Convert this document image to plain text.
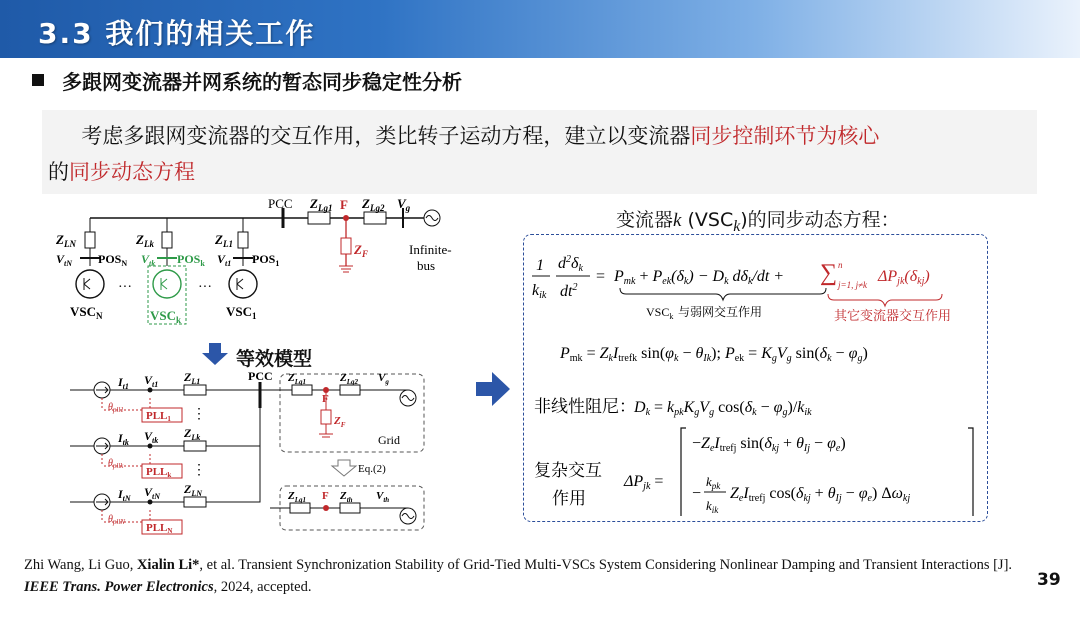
3.3 我们的相关工作
多跟网变流器并网系统的暂态同步稳定性分析

考虑多跟网变流器的交互作用，类比转子运动方程，建立以变流器同步控制环节为核心
的同步动态方程

PCC $Z_{Lg1}$ F $Z_{Lg2}$ $V_g$
Infinite-
bus
$Z_F$
$Z_{LN}$	$Z_{Lk}$	$Z_{L1}$
$V_{tN}$ $POS_N$ $V_{tk}$ $POS_k$ $V_{t1}$ $POS_1$
···	···
$VSC_N$	$VSC_k$
$VSC_1$
等效模型
PCC
$I_{t1}$
$I_{tk}$
$I_{tN}$
$V_{t1}$
$V_{tk}$
$V_{tN}$
$Z_{L1}$
$Z_{Lk}$
$Z_{LN}$
⋮
⋮
$\theta_{pll1}$ PLL1
$\theta_{pllk}$ PLLk
$\theta_{pllN}$ PLLN
$Z_{Lg1}$
F
$Z_{Lg2}$ $V_g$
$Z_F$
Grid
Eq.(2)
$Z_{Lg1}$ F $Z_{th}$ $V_{th}$
变流器k $(VSC_k)$的同步动态方程：
1
kik
$d^2\delta k$
$dt^2$
= Pmk + Pek(δk) − Dk dδk/dt +
$VSC_k$ 与弱网交互作用
∑ n
j=1, j≠k ΔPjk(δkj)
其它变流器交互作用
Pmk = ZkItrefk sin(φk − θIk); Pek = KgVg sin(δk − φg)
非线性阻尼：
Dk = kpkKgVg cos(δk − φg)/kik
复杂交互
作用
ΔPjk =
−ZeItrefj sin(δkj + θIj − φe)
−
$k_{pk}$
$k_{ik}$
ZeItrefj cos(δkj + θIj − φe) Δωkj
Zhi Wang, Li Guo, Xialin Li*, et al. Transient Synchronization Stability of Grid-Tied Multi-VSCs System Considering Nonlinear Damping and Transient Interactions [J]. IEEE Trans. Power Electronics, 2024, accepted.	39
